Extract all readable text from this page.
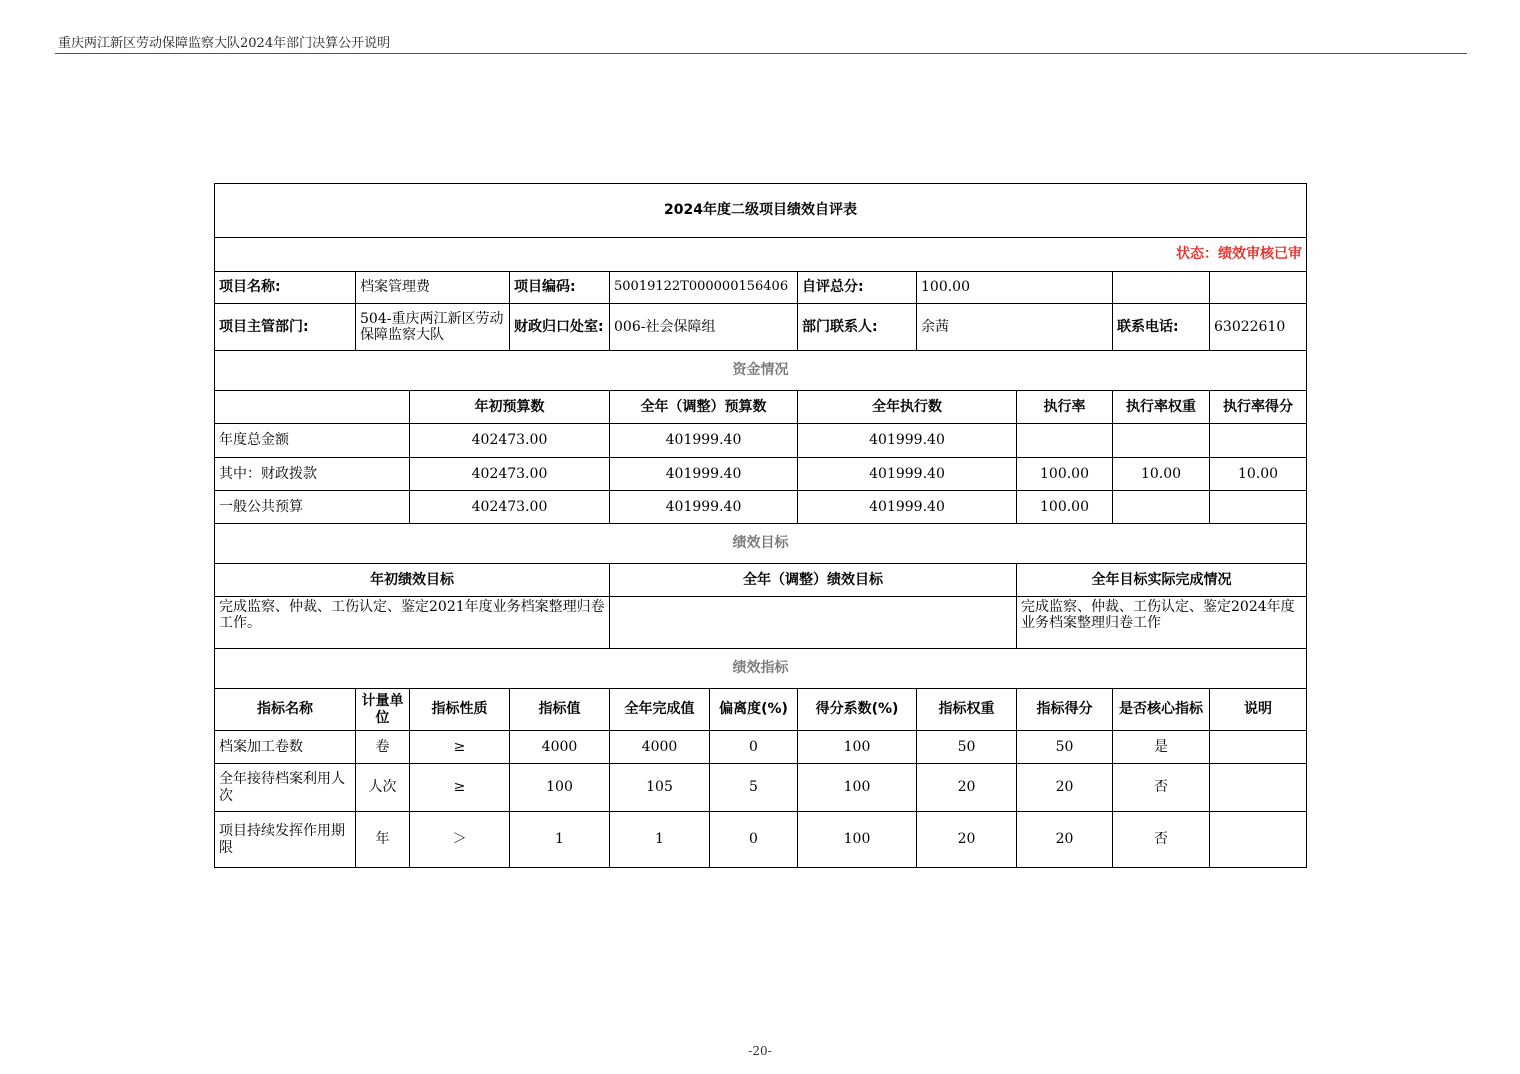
重庆两江新区劳动保障监察大队2024年部门决算公开说明
2024年度二级项目绩效自评表										
状态：绩效审核已审										
项目名称:	档案管理费		项目编码:	50019122T000000156406		自评总分:	100.00			
项目主管部门:	504-重庆两江新区劳动保障监察大队		财政归口处室:	006-社会保障组		部门联系人:	余茜		联系电话:	63022610
资金情况										
		年初预算数		全年（调整）预算数		全年执行数		执行率	执行率权重	执行率得分
年度总金额		402473.00		401999.40		401999.40				
其中：财政拨款		402473.00		401999.40		401999.40		100.00	10.00	10.00
一般公共预算		402473.00		401999.40		401999.40		100.00		
绩效目标										
年初绩效目标				全年（调整）绩效目标				全年目标实际完成情况		
完成监察、仲裁、工伤认定、鉴定2021年度业务档案整理归卷工作。								完成监察、仲裁、工伤认定、鉴定2024年度业务档案整理归卷工作		
绩效指标										
指标名称	计量单位	指标性质	指标值	全年完成值	偏离度(%)	得分系数(%)	指标权重	指标得分	是否核心指标	说明
档案加工卷数	卷	≥	4000	4000	0	100	50	50	是	
全年接待档案利用人次	人次	≥	100	105	5	100	20	20	否	
项目持续发挥作用期限	年	＞	1	1	0	100	20	20	否	
-20-
